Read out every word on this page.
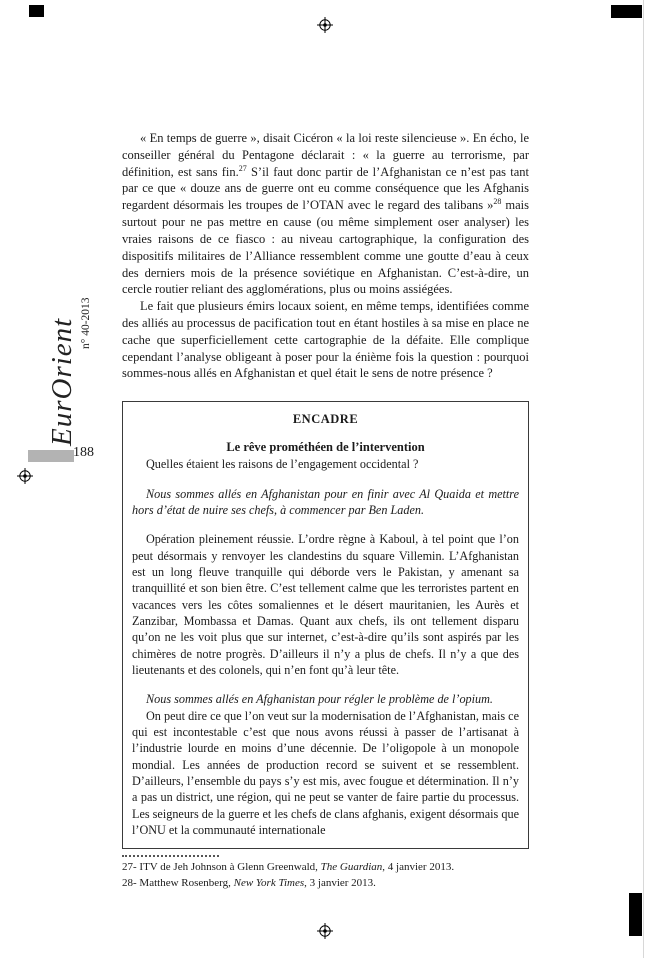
EurOrient n° 40-2013
188

« En temps de guerre », disait Cicéron « la loi reste silencieuse ». En écho, le conseiller général du Pentagone déclarait : « la guerre au terrorisme, par définition, est sans fin.$^{27}$ S’il faut donc partir de l’Afghanistan ce n’est pas tant par ce que « douze ans de guerre ont eu comme conséquence que les Afghanis regardent désormais les troupes de l’OTAN avec le regard des talibans »$^{28}$ mais surtout pour ne pas mettre en cause (ou même simplement oser analyser) les vraies raisons de ce fiasco : au niveau cartographique, la configuration des dispositifs militaires de l’Alliance ressemblent comme une goutte d’eau à ceux des derniers mois de la présence soviétique en Afghanistan. C’est-à-dire, un cercle routier reliant des agglomérations, plus ou moins assiégées.

Le fait que plusieurs émirs locaux soient, en même temps, identifiées comme des alliés au processus de pacification tout en étant hostiles à sa mise en place ne cache que superficiellement cette cartographie de la défaite. Elle complique cependant l’analyse obligeant à poser pour la énième fois la question : pourquoi sommes-nous allés en Afghanistan et quel était le sens de notre présence ?

ENCADRE
Le rêve prométhéen de l’intervention

Quelles étaient les raisons de l’engagement occidental ?

Nous sommes allés en Afghanistan pour en finir avec Al Quaida et mettre hors d’état de nuire ses chefs, à commencer par Ben Laden.

Opération pleinement réussie. L’ordre règne à Kaboul, à tel point que l’on peut désormais y renvoyer les clandestins du square Villemin. L’Afghanistan est un long fleuve tranquille qui déborde vers le Pakistan, y amenant sa tranquillité et son bien être. C’est tellement calme que les terroristes partent en vacances vers les côtes somaliennes et le désert mauritanien, les Aurès et Zanzibar, Mombassa et Damas. Quant aux chefs, ils ont tellement disparu qu’on ne les voit plus que sur internet, c’est-à-dire qu’ils sont aspirés par les chimères de notre progrès. D’ailleurs il n’y a plus de chefs. Il n’y a que des lieutenants et des colonels, qui n’en font qu’à leur tête.

Nous sommes allés en Afghanistan pour régler le problème de l’opium.

On peut dire ce que l’on veut sur la modernisation de l’Afghanistan, mais ce qui est incontestable c’est que nous avons réussi à passer de l’artisanat à l’industrie lourde en moins d’une décennie. De l’oligopole à un monopole mondial. Les années de production record se suivent et se ressemblent. D’ailleurs, l’ensemble du pays s’y est mis, avec fougue et détermination. Il n’y a pas un district, une région, qui ne peut se vanter de faire partie du processus. Les seigneurs de la guerre et les chefs de clans afghanis, exigent désormais que l’ONU et la communauté internationale

27- ITV de Jeh Johnson à Glenn Greenwald, The Guardian, 4 janvier 2013.

28- Matthew Rosenberg, New York Times, 3 janvier 2013.
